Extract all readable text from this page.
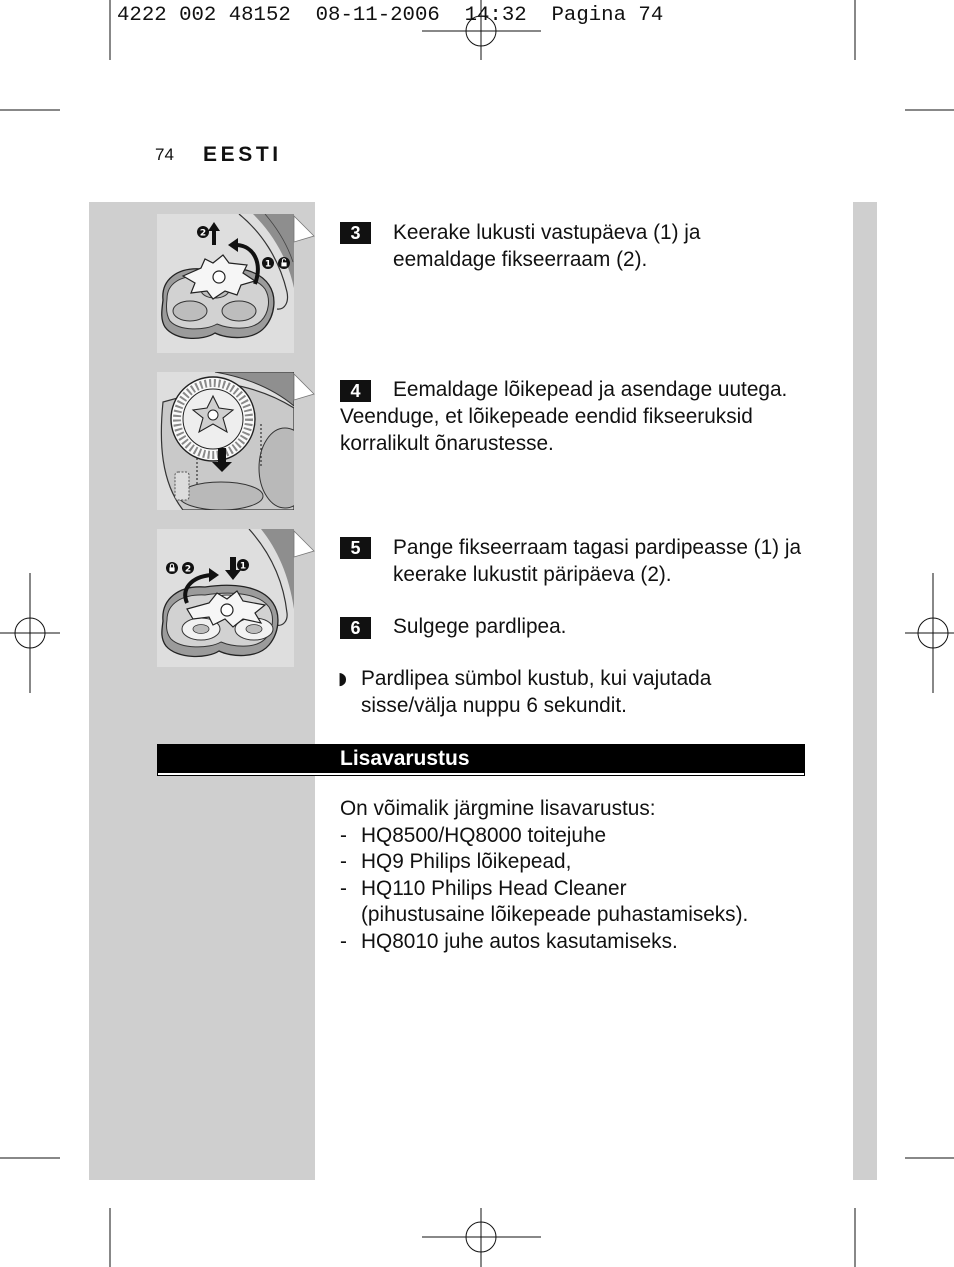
4222 002 48152  08-11-2006  14:32  Pagina 74
74 EESTI
2
1
2	1
3	Keerake lukusti vastupäeva (1) ja
eemaldage fikseerraam (2).
4	Eemaldage lõikepead ja asendage uutega.
Veenduge, et lõikepeade eendid fikseeruksid
korralikult õnarustesse.
5	Pange fikseerraam tagasi pardipeasse (1) ja
keerake lukustit päripäeva (2).
6	Sulgege pardlipea.
◗ Pardlipea sümbol kustub, kui vajutada
sisse/välja nuppu 6 sekundit.
Lisavarustus
On võimalik järgmine lisavarustus:
- HQ8500/HQ8000 toitejuhe
- HQ9 Philips lõikepead,
- HQ110 Philips Head Cleaner
(pihustusaine lõikepeade puhastamiseks).
- HQ8010 juhe autos kasutamiseks.
